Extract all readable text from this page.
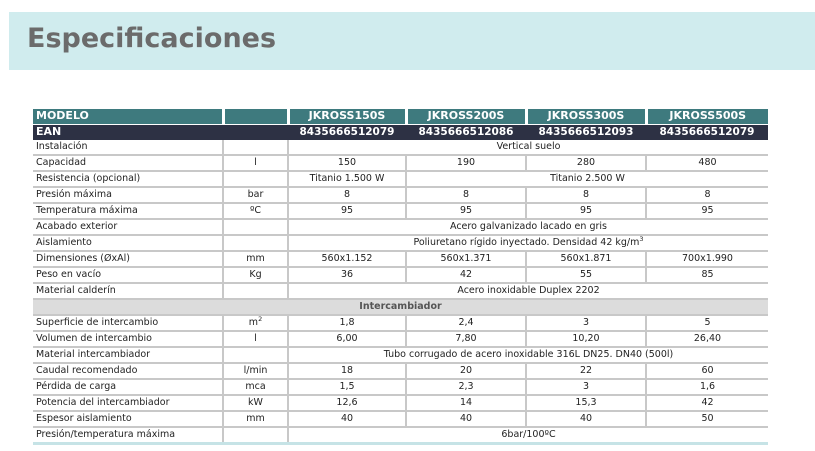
Especificaciones
MODELO		JKROSS150S	JKROSS200S	JKROSS300S	JKROSS500S
EAN		8435666512079	8435666512086	8435666512093	8435666512079
Instalación		Vertical suelo			
Capacidad	l	150	190	280	480
Resistencia (opcional)		Titanio 1.500 W	Titanio 2.500 W		
Presión máxima	bar	8	8	8	8
Temperatura máxima	ºC	95	95	95	95
Acabado exterior		Acero galvanizado lacado en gris			
Aislamiento		Poliuretano rígido inyectado. Densidad 42 $kg/m^3$
Dimensiones (ØxAl)	mm	560x1.152	560x1.371	560x1.871	700x1.990
Peso en vacío	Kg	36	42	55	85
Material calderín		Acero inoxidable Duplex 2202			
Intercambiador					
Superficie de intercambio	$m^2$	1,8	2,4	3	5
Volumen de intercambio	l	6,00	7,80	10,20	26,40
Material intercambiador		Tubo corrugado de acero inoxidable 316L DN25. DN40 (500l)			
Caudal recomendado	l/min	18	20	22	60
Pérdida de carga	mca	1,5	2,3	3	1,6
Potencia del intercambiador	kW	12,6	14	15,3	42
Espesor aislamiento	mm	40	40	40	50
Presión/temperatura máxima		6bar/100ºC			
